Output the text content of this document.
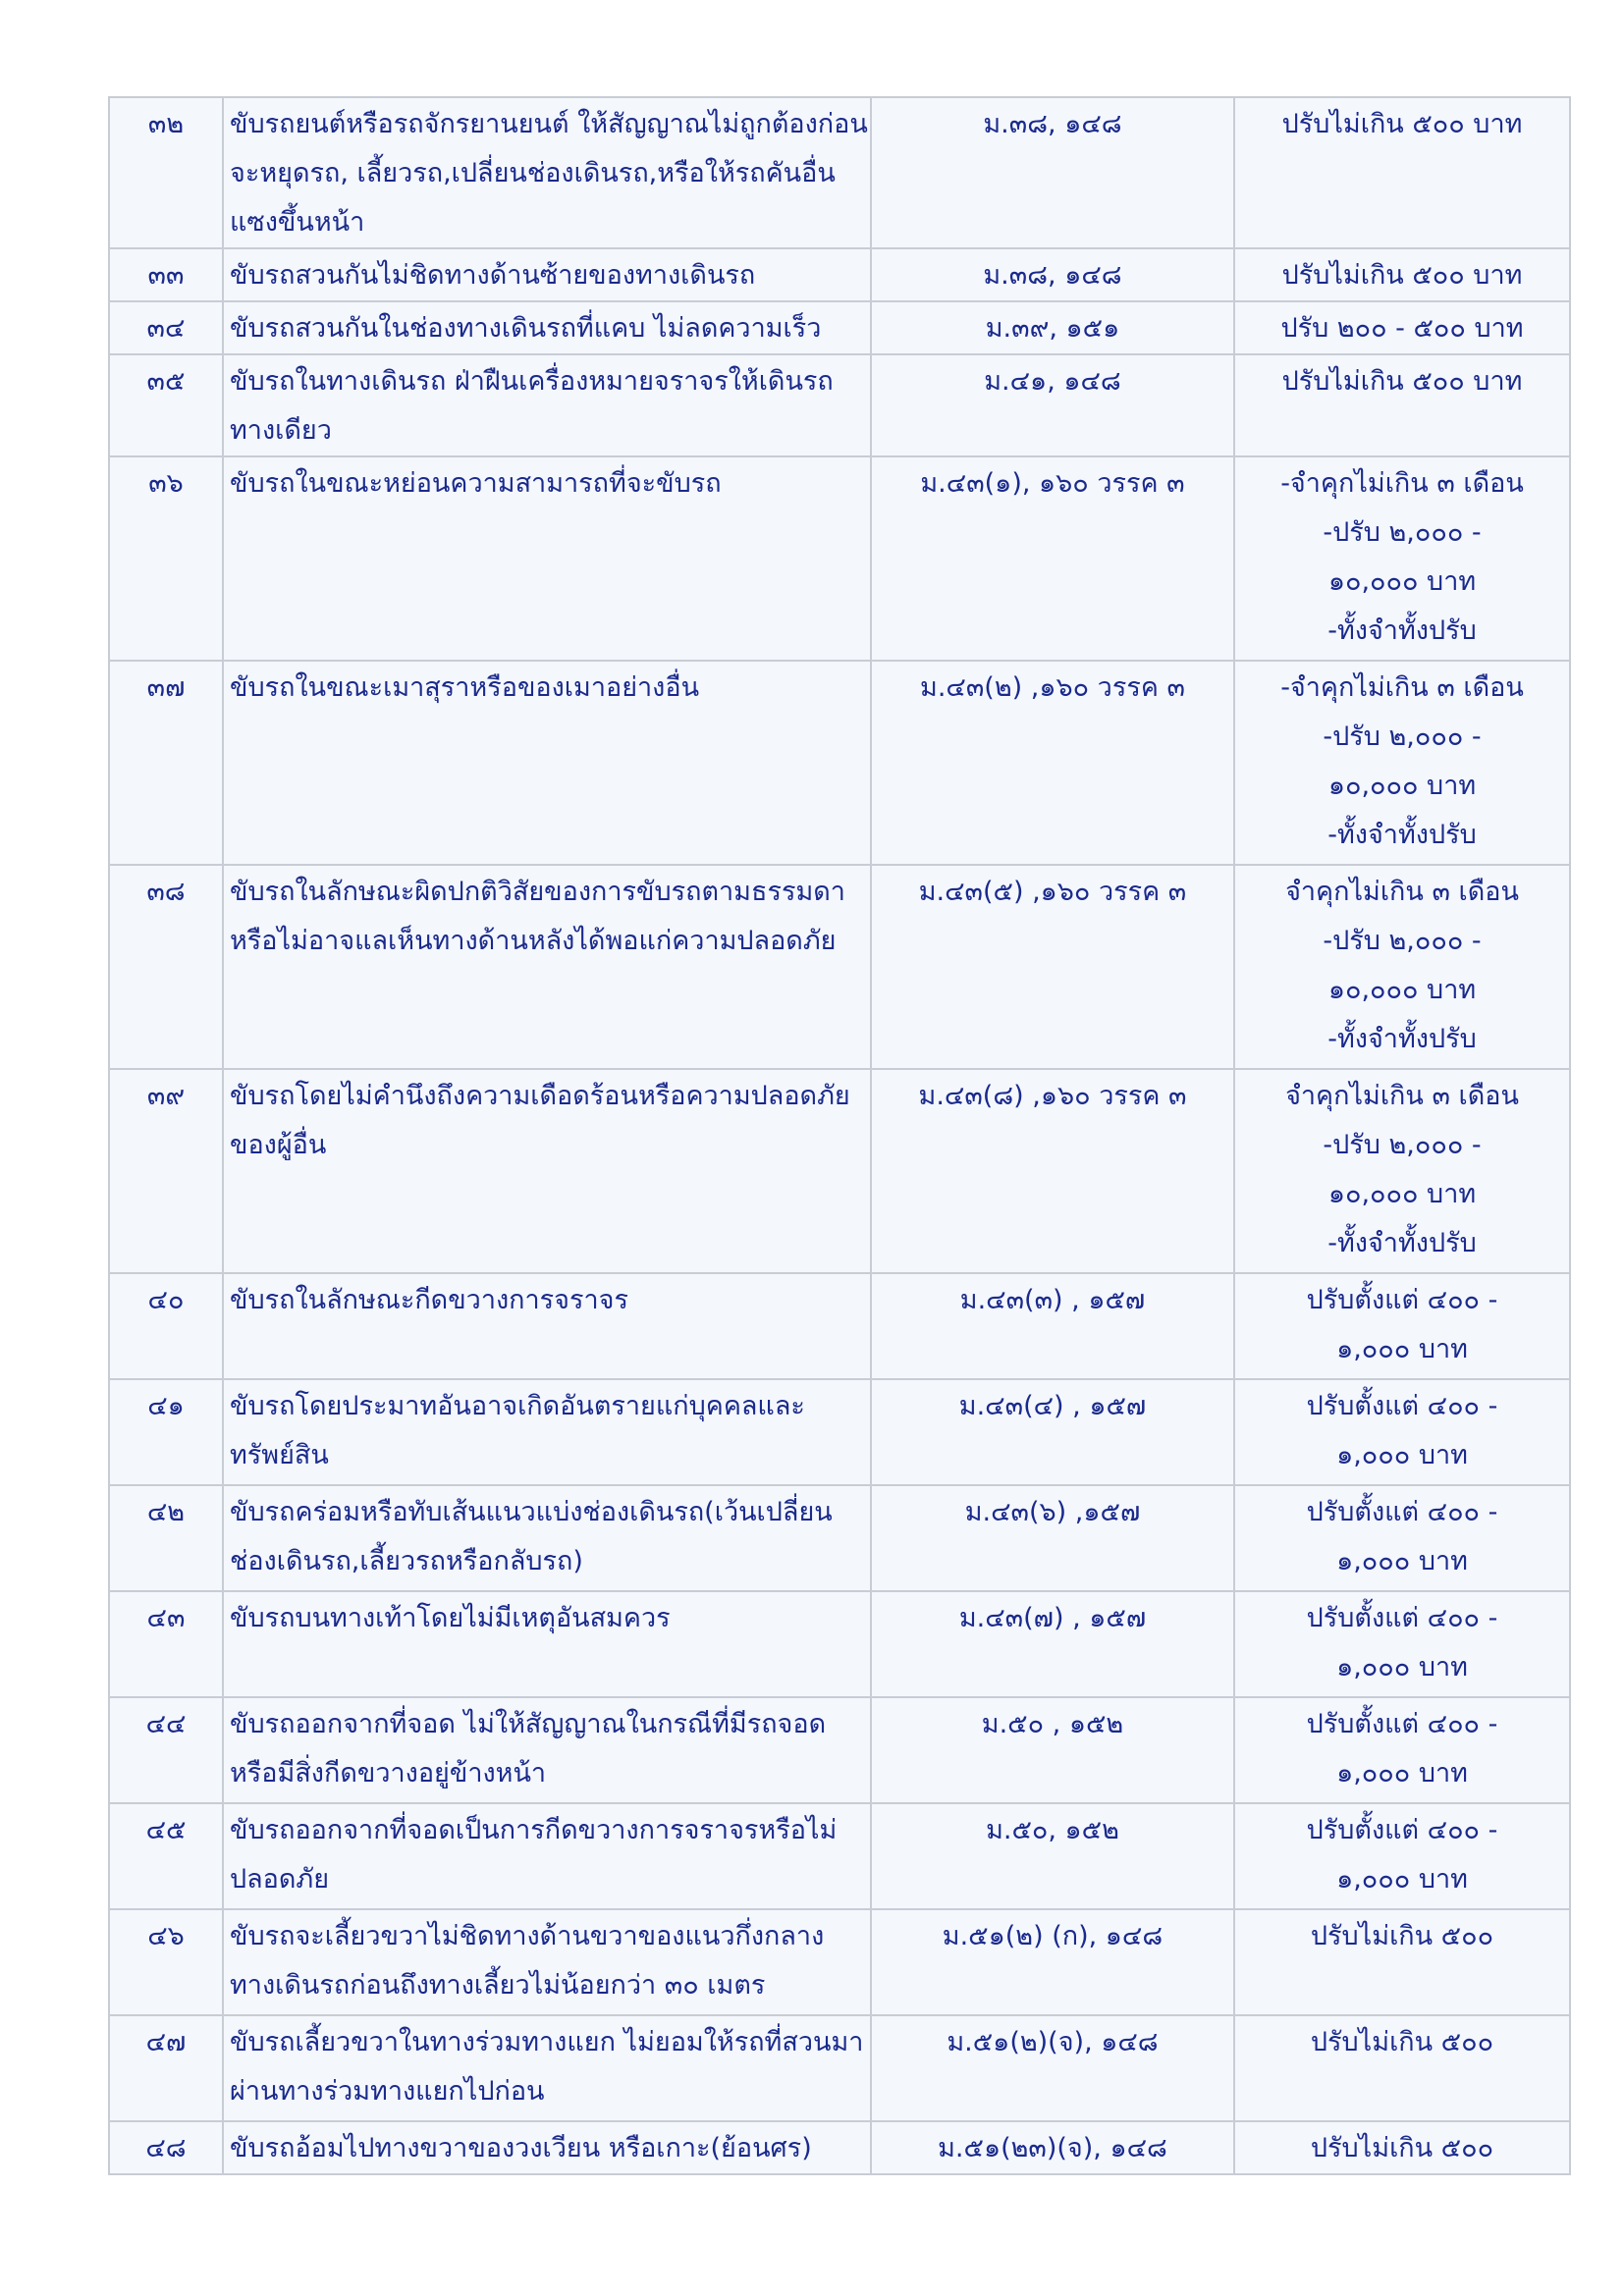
๓๒	ขับรถยนต์หรือรถจักรยานยนต์ ให้สัญญาณไม่ถูกต้องก่อน
จะหยุดรถ, เลี้ยวรถ,เปลี่ยนช่องเดินรถ,หรือให้รถคันอื่น
แซงขึ้นหน้า	ม.๓๘, ๑๔๘	ปรับไม่เกิน ๕๐๐ บาท

๓๓	ขับรถสวนกันไม่ชิดทางด้านซ้ายของทางเดินรถ	ม.๓๘, ๑๔๘	ปรับไม่เกิน ๕๐๐ บาท

๓๔	ขับรถสวนกันในช่องทางเดินรถที่แคบ ไม่ลดความเร็ว	ม.๓๙, ๑๕๑	ปรับ ๒๐๐ - ๕๐๐ บาท

๓๕	ขับรถในทางเดินรถ ฝ่าฝืนเครื่องหมายจราจรให้เดินรถ
ทางเดียว	ม.๔๑, ๑๔๘	ปรับไม่เกิน ๕๐๐ บาท

๓๖	ขับรถในขณะหย่อนความสามารถที่จะขับรถ	ม.๔๓(๑), ๑๖๐ วรรค ๓	-จำคุกไม่เกิน ๓ เดือน
-ปรับ ๒,๐๐๐ -
๑๐,๐๐๐ บาท
-ทั้งจำทั้งปรับ

๓๗	ขับรถในขณะเมาสุราหรือของเมาอย่างอื่น	ม.๔๓(๒) ,๑๖๐ วรรค ๓	-จำคุกไม่เกิน ๓ เดือน
-ปรับ ๒,๐๐๐ -
๑๐,๐๐๐ บาท
-ทั้งจำทั้งปรับ

๓๘	ขับรถในลักษณะผิดปกติวิสัยของการขับรถตามธรรมดา
หรือไม่อาจแลเห็นทางด้านหลังได้พอแก่ความปลอดภัย	ม.๔๓(๕) ,๑๖๐ วรรค ๓	จำคุกไม่เกิน ๓ เดือน
-ปรับ ๒,๐๐๐ -
๑๐,๐๐๐ บาท
-ทั้งจำทั้งปรับ

๓๙	ขับรถโดยไม่คำนึงถึงความเดือดร้อนหรือความปลอดภัย
ของผู้อื่น	ม.๔๓(๘) ,๑๖๐ วรรค ๓	จำคุกไม่เกิน ๓ เดือน
-ปรับ ๒,๐๐๐ -
๑๐,๐๐๐ บาท
-ทั้งจำทั้งปรับ

๔๐	ขับรถในลักษณะกีดขวางการจราจร	ม.๔๓(๓) , ๑๕๗	ปรับตั้งแต่ ๔๐๐ -
๑,๐๐๐ บาท

๔๑	ขับรถโดยประมาทอันอาจเกิดอันตรายแก่บุคคลและ
ทรัพย์สิน	ม.๔๓(๔) , ๑๕๗	ปรับตั้งแต่ ๔๐๐ -
๑,๐๐๐ บาท

๔๒	ขับรถคร่อมหรือทับเส้นแนวแบ่งช่องเดินรถ(เว้นเปลี่ยน
ช่องเดินรถ,เลี้ยวรถหรือกลับรถ)	ม.๔๓(๖) ,๑๕๗	ปรับตั้งแต่ ๔๐๐ -
๑,๐๐๐ บาท

๔๓	ขับรถบนทางเท้าโดยไม่มีเหตุอันสมควร	ม.๔๓(๗) , ๑๕๗	ปรับตั้งแต่ ๔๐๐ -
๑,๐๐๐ บาท

๔๔	ขับรถออกจากที่จอด ไม่ให้สัญญาณในกรณีที่มีรถจอด
หรือมีสิ่งกีดขวางอยู่ข้างหน้า	ม.๕๐ , ๑๕๒	ปรับตั้งแต่ ๔๐๐ -
๑,๐๐๐ บาท

๔๕	ขับรถออกจากที่จอดเป็นการกีดขวางการจราจรหรือไม่
ปลอดภัย	ม.๕๐, ๑๕๒	ปรับตั้งแต่ ๔๐๐ -
๑,๐๐๐ บาท

๔๖	ขับรถจะเลี้ยวขวาไม่ชิดทางด้านขวาของแนวกึ่งกลาง
ทางเดินรถก่อนถึงทางเลี้ยวไม่น้อยกว่า ๓๐ เมตร	ม.๕๑(๒) (ก), ๑๔๘	ปรับไม่เกิน ๕๐๐

๔๗	ขับรถเลี้ยวขวาในทางร่วมทางแยก ไม่ยอมให้รถที่สวนมา
ผ่านทางร่วมทางแยกไปก่อน	ม.๕๑(๒)(จ), ๑๔๘	ปรับไม่เกิน ๕๐๐

๔๘	ขับรถอ้อมไปทางขวาของวงเวียน หรือเกาะ(ย้อนศร)	ม.๕๑(๒๓)(จ), ๑๔๘	ปรับไม่เกิน ๕๐๐
